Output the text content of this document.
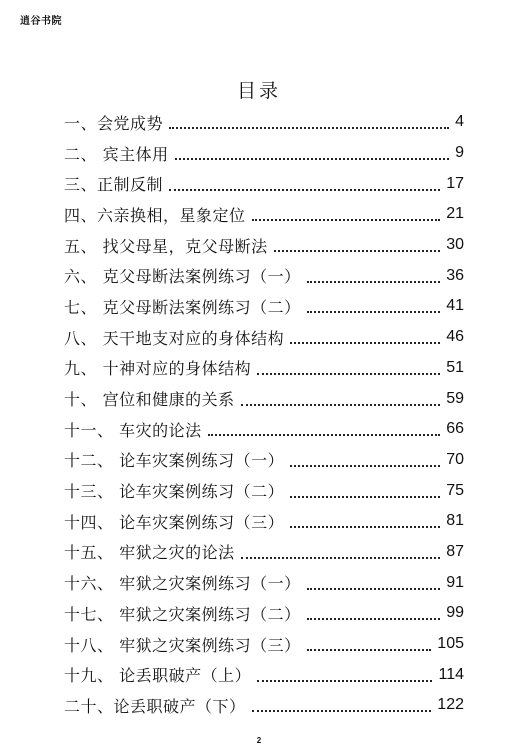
逍谷书院
目录
一、会党成势	4
二、 宾主体用	9
三、正制反制	17
四、六亲换相，星象定位	21
五、 找父母星，克父母断法	30
六、 克父母断法案例练习（一）	36
七、 克父母断法案例练习（二）	41
八、 天干地支对应的身体结构	46
九、 十神对应的身体结构	51
十、 宫位和健康的关系	59
十一、 车灾的论法	66
十二、 论车灾案例练习（一）	70
十三、 论车灾案例练习（二）	75
十四、 论车灾案例练习（三）	81
十五、 牢狱之灾的论法	87
十六、 牢狱之灾案例练习（一）	91
十七、 牢狱之灾案例练习（二）	99
十八、 牢狱之灾案例练习（三）	105
十九、 论丢职破产（上）	114
二十、论丢职破产（下）	122
2
